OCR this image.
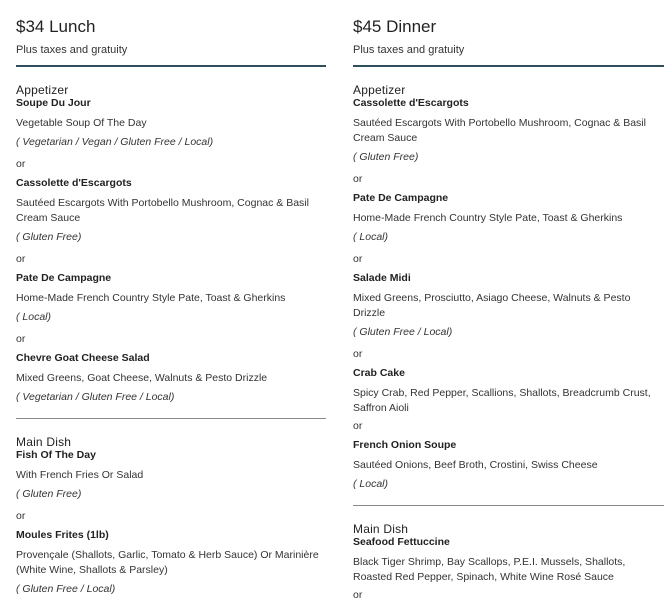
$34 Lunch
Plus taxes and gratuity
Appetizer
Soupe Du Jour
Vegetable Soup Of The Day
( Vegetarian / Vegan / Gluten Free / Local)
or
Cassolette d'Escargots
Sautéed Escargots With Portobello Mushroom, Cognac & Basil Cream Sauce
( Gluten Free)
or
Pate De Campagne
Home-Made French Country Style Pate, Toast & Gherkins
( Local)
or
Chevre Goat Cheese Salad
Mixed Greens, Goat Cheese, Walnuts & Pesto Drizzle
( Vegetarian / Gluten Free / Local)
Main Dish
Fish Of The Day
With French Fries Or Salad
( Gluten Free)
or
Moules Frites (1lb)
Provençale (Shallots, Garlic, Tomato & Herb Sauce) Or Marinière (White Wine, Shallots & Parsley)
( Gluten Free / Local)
$45 Dinner
Plus taxes and gratuity
Appetizer
Cassolette d'Escargots
Sautéed Escargots With Portobello Mushroom, Cognac & Basil Cream Sauce
( Gluten Free)
or
Pate De Campagne
Home-Made French Country Style Pate, Toast & Gherkins
( Local)
or
Salade Midi
Mixed Greens, Prosciutto, Asiago Cheese, Walnuts & Pesto Drizzle
( Gluten Free / Local)
or
Crab Cake
Spicy Crab, Red Pepper, Scallions, Shallots, Breadcrumb Crust, Saffron Aioli
or
French Onion Soupe
Sautéed Onions, Beef Broth, Crostini, Swiss Cheese
( Local)
Main Dish
Seafood Fettuccine
Black Tiger Shrimp, Bay Scallops, P.E.I. Mussels, Shallots, Roasted Red Pepper, Spinach, White Wine Rosé Sauce
or
